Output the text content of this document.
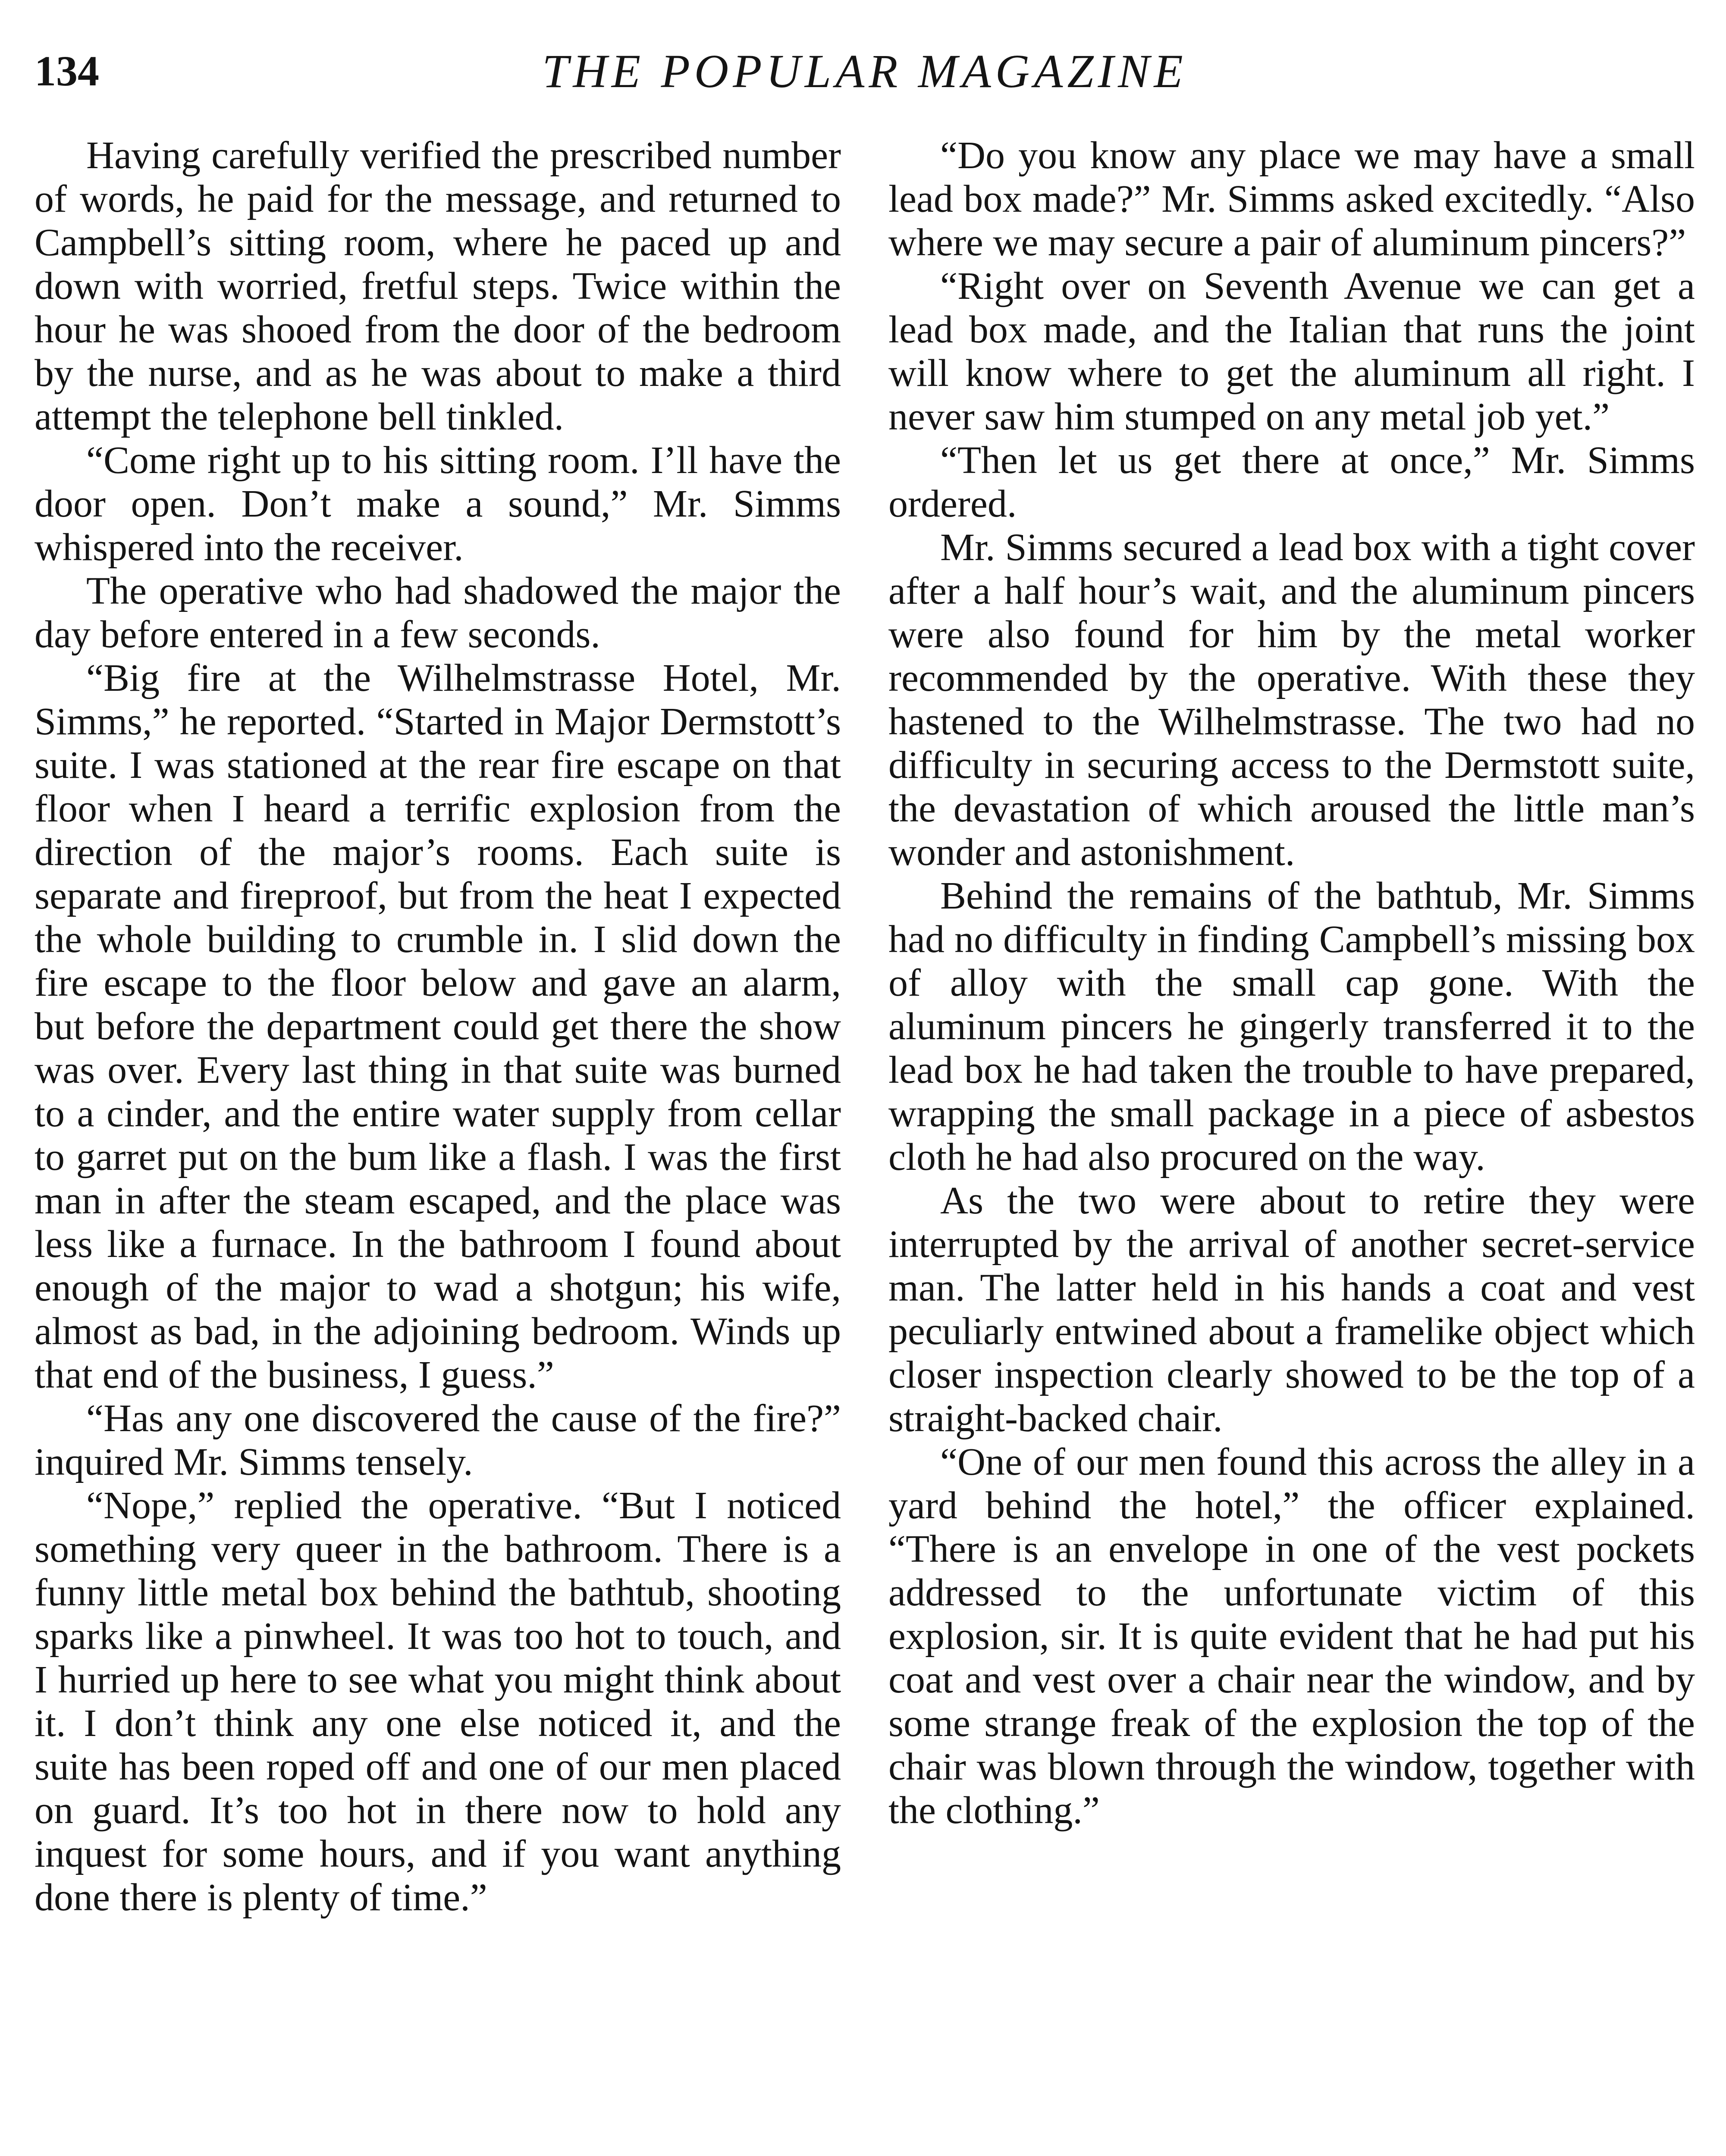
134	THE POPULAR MAGAZINE

Having carefully verified the prescribed number of words, he paid for the message, and returned to Campbell’s sitting room, where he paced up and down with worried, fretful steps. Twice within the hour he was shooed from the door of the bedroom by the nurse, and as he was about to make a third attempt the telephone bell tinkled.

“Come right up to his sitting room. I’ll have the door open. Don’t make a sound,” Mr. Simms whispered into the receiver.

The operative who had shadowed the major the day before entered in a few seconds.

“Big fire at the Wilhelmstrasse Hotel, Mr. Simms,” he reported. “Started in Major Dermstott’s suite. I was stationed at the rear fire escape on that floor when I heard a terrific explosion from the direction of the major’s rooms. Each suite is separate and fireproof, but from the heat I expected the whole building to crumble in. I slid down the fire escape to the floor below and gave an alarm, but before the department could get there the show was over. Every last thing in that suite was burned to a cinder, and the entire water supply from cellar to garret put on the bum like a flash. I was the first man in after the steam escaped, and the place was less like a furnace. In the bathroom I found about enough of the major to wad a shotgun; his wife, almost as bad, in the adjoining bedroom. Winds up that end of the business, I guess.”

“Has any one discovered the cause of the fire?” inquired Mr. Simms tensely.

“Nope,” replied the operative. “But I noticed something very queer in the bathroom. There is a funny little metal box behind the bathtub, shooting sparks like a pinwheel. It was too hot to touch, and I hurried up here to see what you might think about it. I don’t think any one else noticed it, and the suite has been roped off and one of our men placed on guard. It’s too hot in there now to hold any inquest for some hours, and if you want anything done there is plenty of time.”

“Do you know any place we may have a small lead box made?” Mr. Simms asked excitedly. “Also where we may secure a pair of aluminum pincers?”

“Right over on Seventh Avenue we can get a lead box made, and the Italian that runs the joint will know where to get the aluminum all right. I never saw him stumped on any metal job yet.”

“Then let us get there at once,” Mr. Simms ordered.

Mr. Simms secured a lead box with a tight cover after a half hour’s wait, and the aluminum pincers were also found for him by the metal worker recommended by the operative. With these they hastened to the Wilhelmstrasse. The two had no difficulty in securing access to the Dermstott suite, the devastation of which aroused the little man’s wonder and astonishment.

Behind the remains of the bathtub, Mr. Simms had no difficulty in finding Campbell’s missing box of alloy with the small cap gone. With the aluminum pincers he gingerly transferred it to the lead box he had taken the trouble to have prepared, wrapping the small package in a piece of asbestos cloth he had also procured on the way.

As the two were about to retire they were interrupted by the arrival of another secret-service man. The latter held in his hands a coat and vest peculiarly entwined about a framelike object which closer inspection clearly showed to be the top of a straight-backed chair.

“One of our men found this across the alley in a yard behind the hotel,” the officer explained. “There is an envelope in one of the vest pockets addressed to the unfortunate victim of this explosion, sir. It is quite evident that he had put his coat and vest over a chair near the window, and by some strange freak of the explosion the top of the chair was blown through the window, together with the clothing.”
